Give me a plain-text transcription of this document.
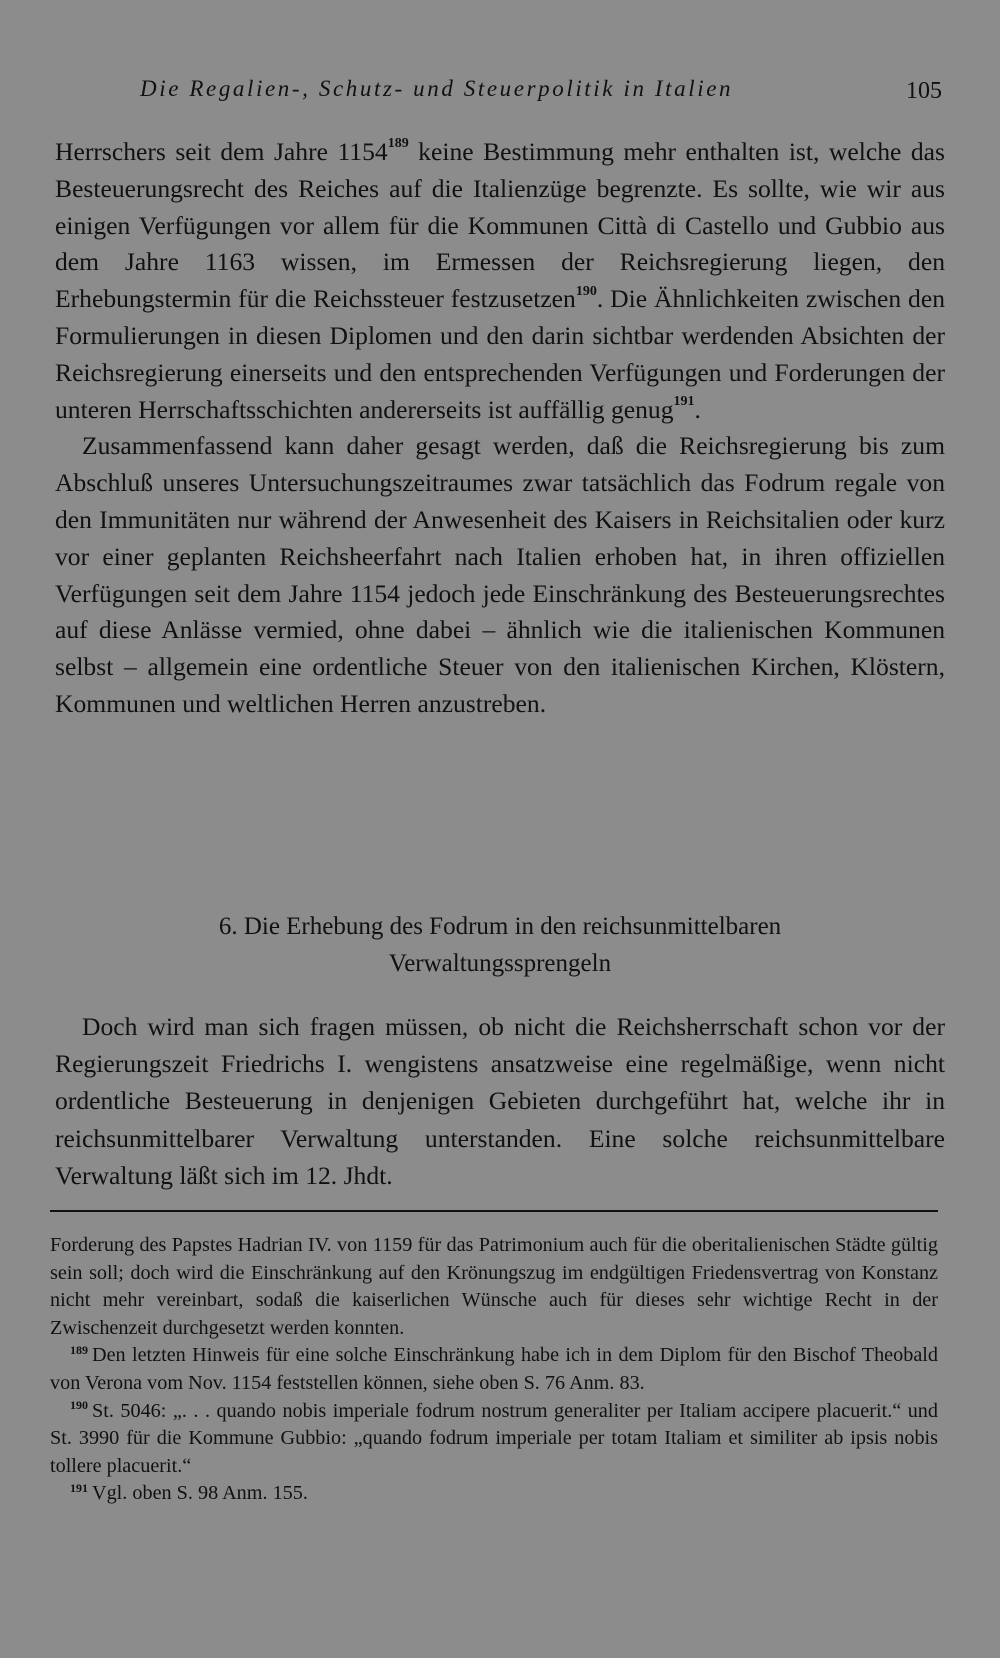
Die Regalien-, Schutz- und Steuerpolitik in Italien	105

Herrschers seit dem Jahre 1154$^{189}$ keine Bestimmung mehr enthalten ist, welche das Besteuerungsrecht des Reiches auf die Italienzüge begrenzte. Es sollte, wie wir aus einigen Verfügungen vor allem für die Kommunen Città di Castello und Gubbio aus dem Jahre 1163 wissen, im Ermessen der Reichsregierung liegen, den Erhebungstermin für die Reichssteuer festzusetzen$^{190}$. Die Ähnlichkeiten zwischen den Formulierungen in diesen Diplomen und den darin sichtbar werdenden Absichten der Reichsregierung einerseits und den entsprechenden Verfügungen und Forderungen der unteren Herrschaftsschichten andererseits ist auffällig genug$^{191}$.

Zusammenfassend kann daher gesagt werden, daß die Reichsregierung bis zum Abschluß unseres Untersuchungszeitraumes zwar tatsächlich das Fodrum regale von den Immunitäten nur während der Anwesenheit des Kaisers in Reichsitalien oder kurz vor einer geplanten Reichsheerfahrt nach Italien erhoben hat, in ihren offiziellen Verfügungen seit dem Jahre 1154 jedoch jede Einschränkung des Besteuerungsrechtes auf diese Anlässe vermied, ohne dabei – ähnlich wie die italienischen Kommunen selbst – allgemein eine ordentliche Steuer von den italienischen Kirchen, Klöstern, Kommunen und weltlichen Herren anzustreben.

6. Die Erhebung des Fodrum in den reichsunmittelbaren
Verwaltungssprengeln

Doch wird man sich fragen müssen, ob nicht die Reichsherrschaft schon vor der Regierungszeit Friedrichs I. wengistens ansatzweise eine regelmäßige, wenn nicht ordentliche Besteuerung in denjenigen Gebieten durchgeführt hat, welche ihr in reichsunmittelbarer Verwaltung unterstanden. Eine solche reichsunmittelbare Verwaltung läßt sich im 12. Jhdt.

Forderung des Papstes Hadrian IV. von 1159 für das Patrimonium auch für die oberitalienischen Städte gültig sein soll; doch wird die Einschränkung auf den Krönungszug im endgültigen Friedensvertrag von Konstanz nicht mehr vereinbart, sodaß die kaiserlichen Wünsche auch für dieses sehr wichtige Recht in der Zwischenzeit durchgesetzt werden konnten.

$^{189}$ Den letzten Hinweis für eine solche Einschränkung habe ich in dem Diplom für den Bischof Theobald von Verona vom Nov. 1154 feststellen können, siehe oben S. 76 Anm. 83.

$^{190}$ St. 5046: „. . . quando nobis imperiale fodrum nostrum generaliter per Italiam accipere placuerit.“ und St. 3990 für die Kommune Gubbio: „quando fodrum imperiale per totam Italiam et similiter ab ipsis nobis tollere placuerit.“

$^{191}$ Vgl. oben S. 98 Anm. 155.
